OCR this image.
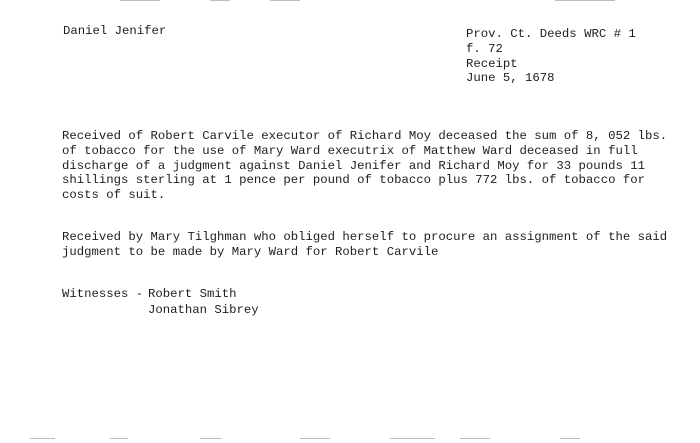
Daniel Jenifer	Prov. Ct. Deeds WRC # 1
f. 72
Receipt
June 5, 1678
Received of Robert Carvile executor of Richard Moy deceased the sum of 8, 052 lbs.
of tobacco for the use of Mary Ward executrix of Matthew Ward deceased in full
discharge of a judgment against Daniel Jenifer and Richard Moy for 33 pounds 11
shillings sterling at 1 pence per pound of tobacco plus 772 lbs. of tobacco for
costs of suit.
Received by Mary Tilghman who obliged herself to procure an assignment of the said
judgment to be made by Mary Ward for Robert Carvile
Witnesses - Robert Smith
Jonathan Sibrey
